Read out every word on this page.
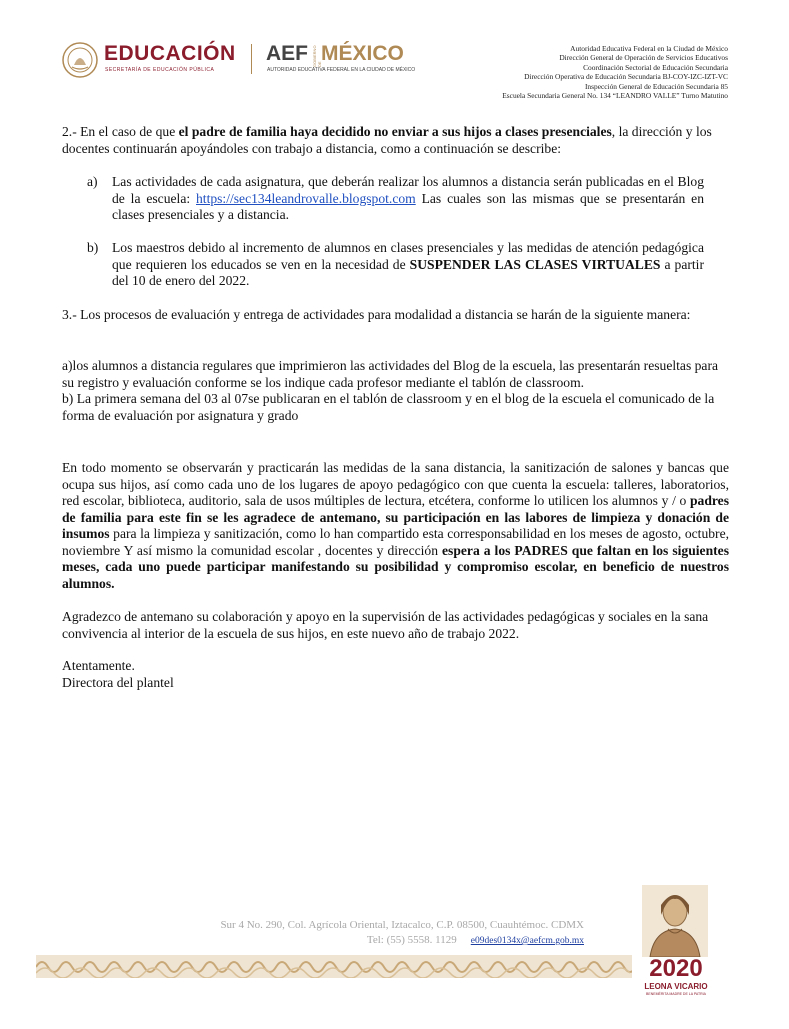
EDUCACIÓN
SECRETARÍA DE EDUCACIÓN PÚBLICA
AEF GOBIERNO DE MÉXICO
AUTORIDAD EDUCATIVA FEDERAL EN LA CIUDAD DE MÉXICO
Autoridad Educativa Federal en la Ciudad de México
Dirección General de Operación de Servicios Educativos
Coordinación Sectorial de Educación Secundaria
Dirección Operativa de Educación Secundaria BJ-COY-IZC-IZT-VC
Inspección General de Educación Secundaria 85
Escuela Secundaria General No. 134 “LEANDRO VALLE” Turno Matutino
2.- En el caso de que el padre de familia haya decidido no enviar a sus hijos a clases presenciales, la dirección y los docentes continuarán apoyándoles con trabajo a distancia, como a continuación se describe:
a) Las actividades de cada asignatura, que deberán realizar los alumnos a distancia serán publicadas en el Blog de la escuela: https://sec134leandrovalle.blogspot.com Las cuales son las mismas que se presentarán en clases presenciales y a distancia.
b) Los maestros debido al incremento de alumnos en clases presenciales y las medidas de atención pedagógica que requieren los educados se ven en la necesidad de SUSPENDER LAS CLASES VIRTUALES a partir del 10 de enero del 2022.
3.- Los procesos de evaluación y entrega de actividades para modalidad a distancia se harán de la siguiente manera:
a)los alumnos a distancia regulares que imprimieron las actividades del Blog de la escuela, las presentarán resueltas para su registro y evaluación conforme se los indique cada profesor mediante el tablón de classroom.
b) La primera semana del 03 al 07se publicaran en el tablón de classroom y en el blog de la escuela el comunicado de la forma de evaluación por asignatura y grado
En todo momento se observarán y practicarán las medidas de la sana distancia, la sanitización de salones y bancas que ocupa sus hijos, así como cada uno de los lugares de apoyo pedagógico con que cuenta la escuela: talleres, laboratorios, red escolar, biblioteca, auditorio, sala de usos múltiples de lectura, etcétera, conforme lo utilicen los alumnos y / o padres de familia para este fin se les agradece de antemano, su participación en las labores de limpieza y donación de insumos para la limpieza y sanitización, como lo han compartido esta corresponsabilidad en los meses de agosto, octubre, noviembre Y así mismo la comunidad escolar , docentes y dirección espera a los PADRES que faltan en los siguientes meses, cada uno puede participar manifestando su posibilidad y compromiso escolar, en beneficio de nuestros alumnos.
Agradezco de antemano su colaboración y apoyo en la supervisión de las actividades pedagógicas y sociales en la sana convivencia al interior de la escuela de sus hijos, en este nuevo año de trabajo 2022.
Atentamente.
Directora del plantel
Sur 4 No. 290, Col. Agrícola Oriental, Iztacalco, C.P. 08500, Cuauhtémoc. CDMX
Tel: (55) 5558. 1129 e09des0134x@aefcm.gob.mx
2020
LEONA VICARIO
BENEMÉRITA MADRE DE LA PATRIA
